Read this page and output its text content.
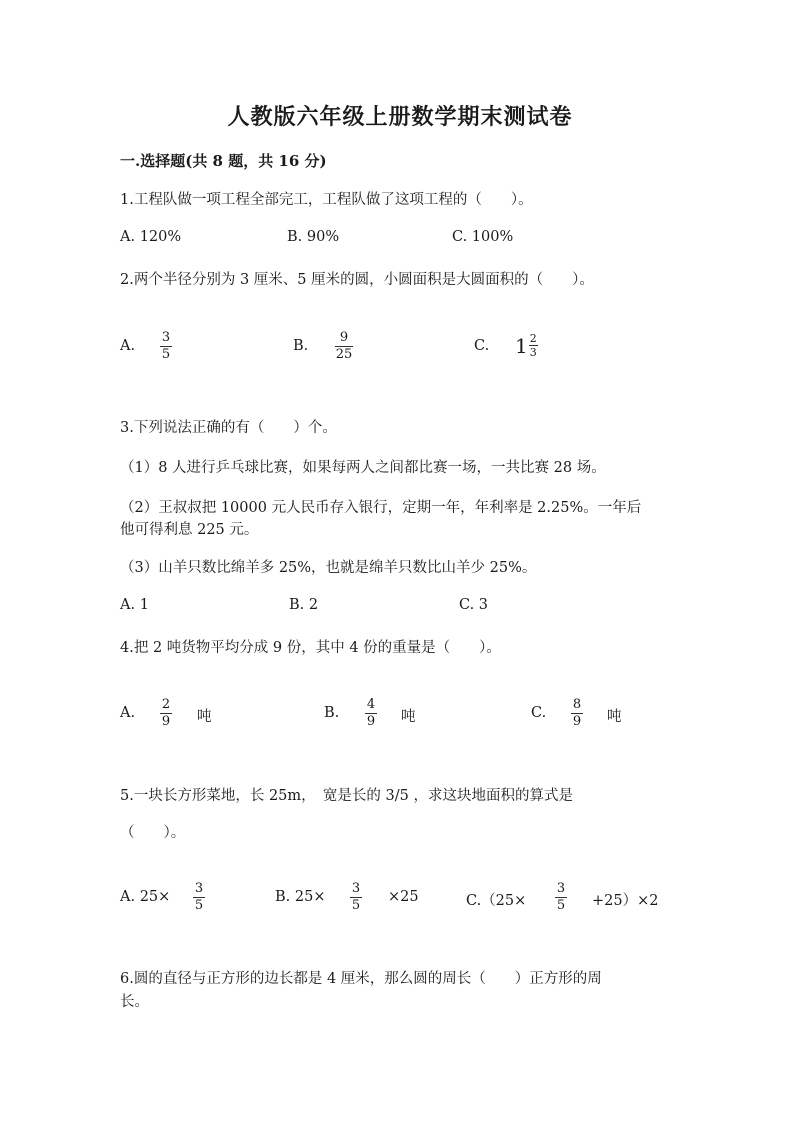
人教版六年级上册数学期末测试卷
一.选择题(共 8 题，共 16 分)
1.工程队做一项工程全部完工，工程队做了这项工程的（　　）。
A. 120%	B. 90%	C. 100%
2.两个半径分别为 3 厘米、5 厘米的圆，小圆面积是大圆面积的（　　）。
A.
3
5
B.
9
25
C. $1 \frac{2}{3}$
3.下列说法正确的有（　　）个。
（1）8 人进行乒乓球比赛，如果每两人之间都比赛一场，一共比赛 28 场。
（2）王叔叔把 10000 元人民币存入银行，定期一年，年利率是 2.25%。一年后
他可得利息 225 元。
（3）山羊只数比绵羊多 25%，也就是绵羊只数比山羊少 25%。
A. 1	B. 2	C. 3
4.把 2 吨货物平均分成 9 份，其中 4 份的重量是（　　）。
A.
2
9 吨	B.
4
9 吨	C.
8
9 吨
5.一块长方形菜地，长 25m，　宽是长的 3/5 ，求这块地面积的算式是
（　　）。
A. 25×
3
5
B. 25×
3
5
×25	C.（25×
3
5 +25）×2
6.圆的直径与正方形的边长都是 4 厘米，那么圆的周长（　　）正方形的周
长。
